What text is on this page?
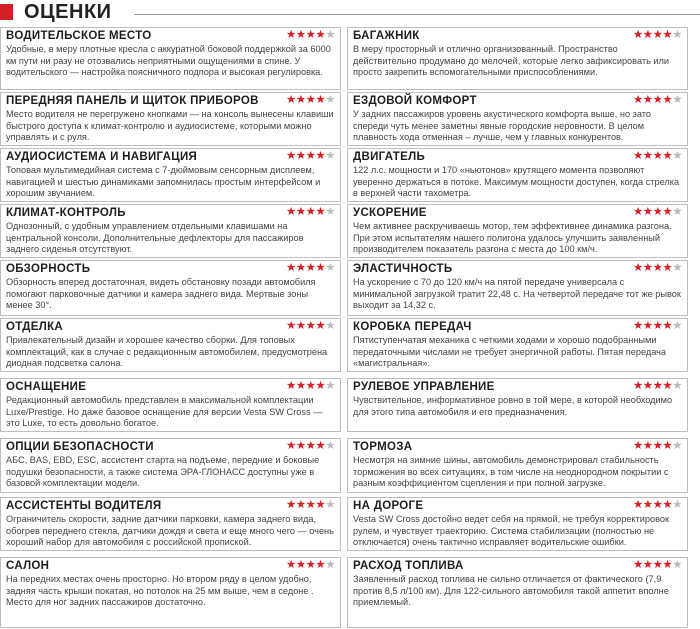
ОЦЕНКИ
ВОДИТЕЛЬСКОЕ МЕСТО	★★★★★
Удобные, в меру плотные кресла с аккуратной боковой поддержкой за 6000 км пути ни разу не отозвались неприятными ощущениями в спине. У водительского — настройка поясничного подпора и высокая регулировка.
ПЕРЕДНЯЯ ПАНЕЛЬ И ЩИТОК ПРИБОРОВ ★★★★★
Место водителя не перегружено кнопками — на консоль вынесены клавиши быстрого доступа к климат-контролю и аудиосистеме, которыми можно управлять и с руля.
АУДИОСИСТЕМА И НАВИГАЦИЯ	★★★★★
Топовая мультимедийная система с 7-дюймовым сенсорным дисплеем, навигацией и шестью динамиками запомнилась простым интерфейсом и хорошим звучанием.
КЛИМАТ-КОНТРОЛЬ	★★★★★
Однозонный, с удобным управлением отдельными клавишами на центральной консоли. Дополнительные дефлекторы для пассажиров заднего сиденья отсутствуют.
ОБЗОРНОСТЬ	★★★★★
Обзорность вперед достаточная, видеть обстановку позади автомобиля помогают парковочные датчики и камера заднего вида. Мертвые зоны менее 30°.
ОТДЕЛКА	★★★★★
Привлекательный дизайн и хорошее качество сборки. Для топовых комплектаций, как в случае с редакционным автомобилем, предусмотрена диодная подсветка салона.
ОСНАЩЕНИЕ	★★★★★
Редакционный автомобиль представлен в максимальной комплектации Luxe/Prestige. Но даже базовое оснащение для версии Vesta SW Cross — это Luxe, то есть довольно богатое.
ОПЦИИ БЕЗОПАСНОСТИ	★★★★★
АБС, BAS, EBD, ESC, ассистент старта на подъеме, передние и боковые подушки безопасности, а также система ЭРА-ГЛОНАСС доступны уже в базовой комплектации модели.
АССИСТЕНТЫ ВОДИТЕЛЯ	★★★★★
Ограничитель скорости, задние датчики парковки, камера заднего вида, обогрев переднего стекла, датчики дождя и света и еще много чего — очень хороший набор для автомобиля с российской пропиской.
САЛОН	★★★★★
На передних местах очень просторно. Но втором ряду в целом удобно, задняя часть крыши покатая, но потолок на 25 мм выше, чем в седоне . Место для ног задних пассажиров достаточно.
БАГАЖНИК	★★★★★
В меру просторный и отлично организованный. Пространство действительно продумано до мелочей, которые легко зафиксировать или просто закрепить вспомогательными приспособлениями.
ЕЗДОВОЙ КОМФОРТ	★★★★★
У задних пассажиров уровень акустического комфорта выше, но зато спереди чуть менее заметны явные городские неровности. В целом плавность хода отменная – лучше, чем у главных конкурентов.
ДВИГАТЕЛЬ	★★★★★
122 л.с. мощности и 170 «ньютонов» крутящего момента позволяют уверенно держаться в потоке. Максимум мощности доступен, когда стрелка в верхней части тахометра.
УСКОРЕНИЕ	★★★★★
Чем активнее раскручиваешь мотор, тем эффективнее динамика разгона. При этом испытателям нашего полигона удалось улучшить заявленный производителем показатель разгона с места до 100 км/ч.
ЭЛАСТИЧНОСТЬ	★★★★★
На ускорение с 70 до 120 км/ч на пятой передаче универсала с минимальной загрузкой тратит 22,48 с. На четвертой передаче тот же рывок выходит за 14,32 с.
КОРОБКА ПЕРЕДАЧ	★★★★★
Пятиступенчатая механика с четкими ходами и хорошо подобранными передаточными числами не требует энергичной работы. Пятая передача «магистральная».
РУЛЕВОЕ УПРАВЛЕНИЕ	★★★★★
Чувствительное, информативное ровно в той мере, в которой необходимо для этого типа автомобиля и его предназначения.
ТОРМОЗА	★★★★★
Несмотря на зимние шины, автомобиль демонстрировал стабильность торможения во всех ситуациях, в том числе на неоднородном покрытии с разным коэффициентом сцепления и при полной загрузке.
НА ДОРОГЕ	★★★★★
Vesta SW Cross достойно ведет себя на прямой, не требуя корректировок рулем, и чувствует траекторию. Система стабилизации (полностью не отключается) очень тактично исправляет водительские ошибки.
РАСХОД ТОПЛИВА	★★★★★
Заявленный расход топлива не сильно отличается от фактического (7,9 против 8,5 л/100 км). Для 122-сильного автомобиля такой аппетит вполне приемлемый.
